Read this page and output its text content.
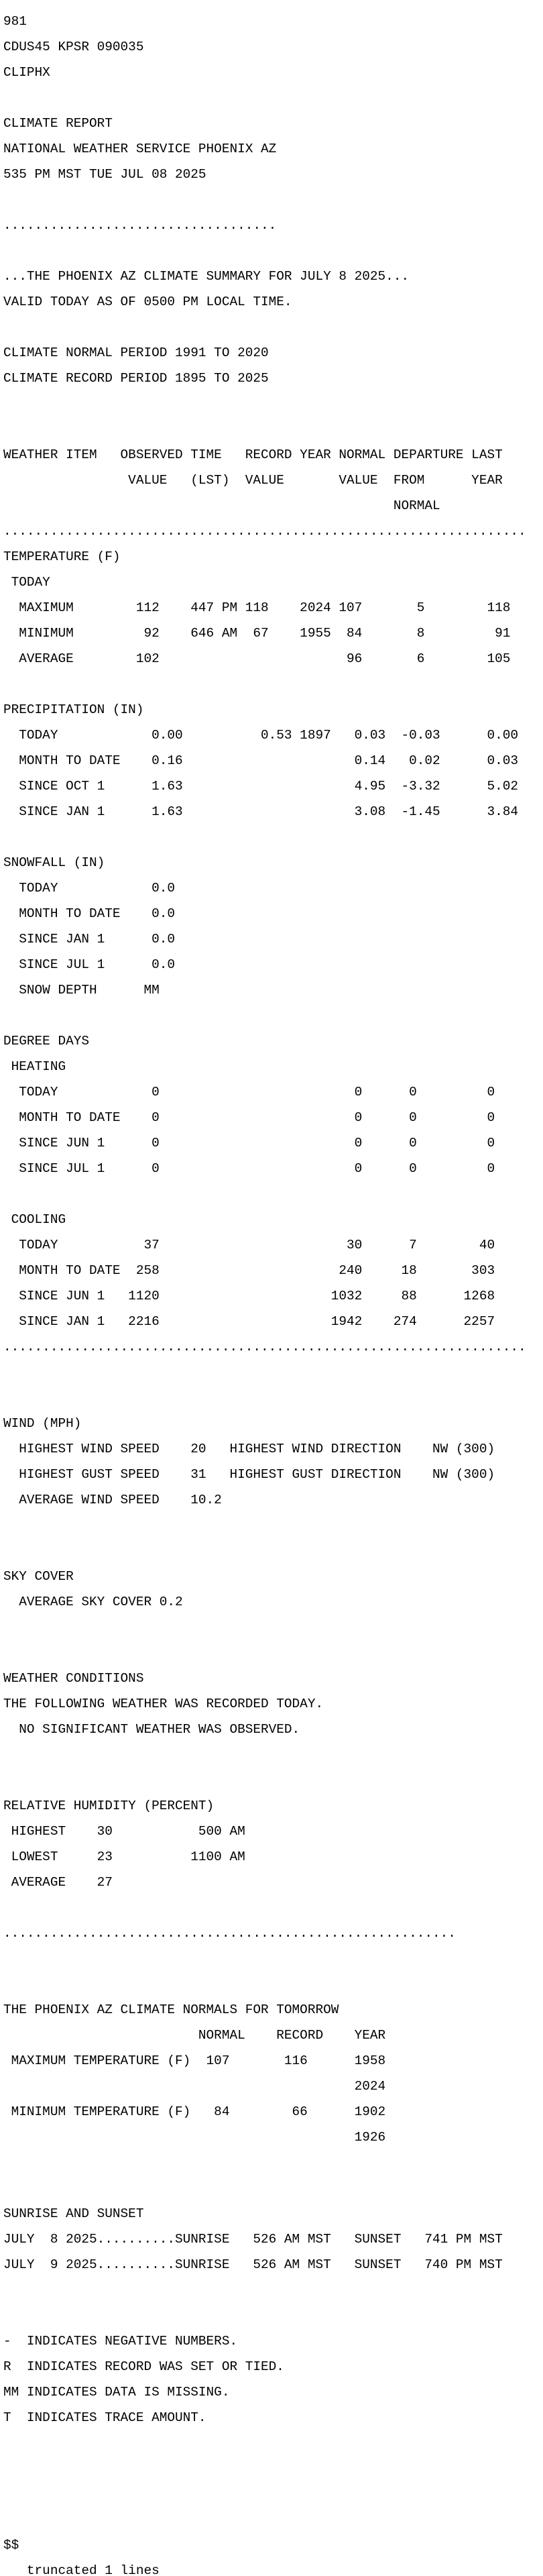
981

CDUS45 KPSR 090035

CLIPHX

CLIMATE REPORT

NATIONAL WEATHER SERVICE PHOENIX AZ

535 PM MST TUE JUL 08 2025

...................................

...THE PHOENIX AZ CLIMATE SUMMARY FOR JULY 8 2025...

VALID TODAY AS OF 0500 PM LOCAL TIME.

CLIMATE NORMAL PERIOD 1991 TO 2020

CLIMATE RECORD PERIOD 1895 TO 2025

WEATHER ITEM   OBSERVED TIME   RECORD YEAR NORMAL DEPARTURE LAST

VALUE   (LST)  VALUE       VALUE  FROM      YEAR

NORMAL

...................................................................

TEMPERATURE (F)

TODAY

MAXIMUM        112    447 PM 118    2024 107       5        118

MINIMUM         92    646 AM  67    1955  84       8         91

AVERAGE        102                        96       6        105

PRECIPITATION (IN)

TODAY            0.00          0.53 1897   0.03  -0.03      0.00

MONTH TO DATE    0.16                      0.14   0.02      0.03

SINCE OCT 1      1.63                      4.95  -3.32      5.02

SINCE JAN 1      1.63                      3.08  -1.45      3.84

SNOWFALL (IN)

TODAY            0.0

MONTH TO DATE    0.0

SINCE JAN 1      0.0

SINCE JUL 1      0.0

SNOW DEPTH      MM

DEGREE DAYS

HEATING

TODAY            0                         0      0         0

MONTH TO DATE    0                         0      0         0

SINCE JUN 1      0                         0      0         0

SINCE JUL 1      0                         0      0         0

COOLING

TODAY           37                        30      7        40

MONTH TO DATE  258                       240     18       303

SINCE JUN 1   1120                      1032     88      1268

SINCE JAN 1   2216                      1942    274      2257

...................................................................

WIND (MPH)

HIGHEST WIND SPEED    20   HIGHEST WIND DIRECTION    NW (300)

HIGHEST GUST SPEED    31   HIGHEST GUST DIRECTION    NW (300)

AVERAGE WIND SPEED    10.2

SKY COVER

AVERAGE SKY COVER 0.2

WEATHER CONDITIONS

THE FOLLOWING WEATHER WAS RECORDED TODAY.

NO SIGNIFICANT WEATHER WAS OBSERVED.

RELATIVE HUMIDITY (PERCENT)

HIGHEST    30           500 AM

LOWEST     23          1100 AM

AVERAGE    27

..........................................................

THE PHOENIX AZ CLIMATE NORMALS FOR TOMORROW

NORMAL    RECORD    YEAR

MAXIMUM TEMPERATURE (F)  107       116      1958

2024

MINIMUM TEMPERATURE (F)   84        66      1902

1926

SUNRISE AND SUNSET

JULY  8 2025..........SUNRISE   526 AM MST   SUNSET   741 PM MST

JULY  9 2025..........SUNRISE   526 AM MST   SUNSET   740 PM MST

-  INDICATES NEGATIVE NUMBERS.

R  INDICATES RECORD WAS SET OR TIED.

MM INDICATES DATA IS MISSING.

T  INDICATES TRACE AMOUNT.

$$

truncated 1 lines
